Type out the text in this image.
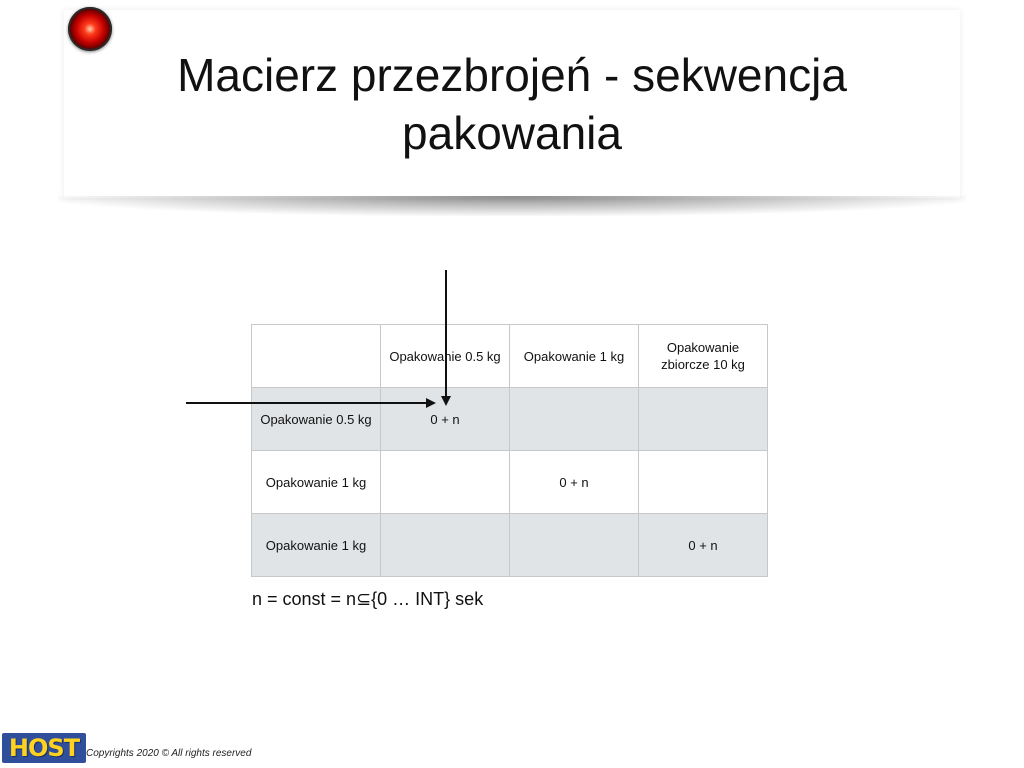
Macierz przezbrojeń - sekwencja
pakowania
	Opakowanie 0.5 kg	Opakowanie 1 kg	Opakowanie zbiorcze 10 kg
Opakowanie 0.5 kg	0 + n		
Opakowanie 1 kg		0 + n	
Opakowanie 1 kg			0 + n
n = const = n⊆{0 … INT} sek
HOST Copyrights 2020 © All rights reserved
